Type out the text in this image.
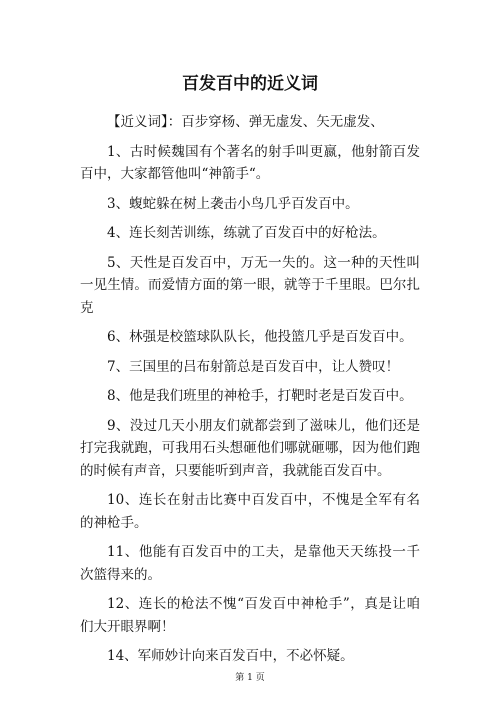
百发百中的近义词

【近义词】：百步穿杨、弹无虚发、矢无虚发、

1、古时候魏国有个著名的射手叫更嬴，他射箭百发百中，大家都管他叫“神箭手“。

3、蝮蛇躲在树上袭击小鸟几乎百发百中。

4、连长刻苦训练，练就了百发百中的好枪法。

5、天性是百发百中，万无一失的。这一种的天性叫一见生情。而爱情方面的第一眼，就等于千里眼。巴尔扎克

6、林强是校篮球队队长，他投篮几乎是百发百中。

7、三国里的吕布射箭总是百发百中，让人赞叹！

8、他是我们班里的神枪手，打靶时老是百发百中。

9、没过几天小朋友们就都尝到了滋味儿，他们还是打完我就跑，可我用石头想砸他们哪就砸哪，因为他们跑的时候有声音，只要能听到声音，我就能百发百中。

10、连长在射击比赛中百发百中，不愧是全军有名的神枪手。

11、他能有百发百中的工夫，是靠他天天练投一千次篮得来的。

12、连长的枪法不愧“百发百中神枪手”，真是让咱们大开眼界啊！

14、军师妙计向来百发百中，不必怀疑。

第 1 页
